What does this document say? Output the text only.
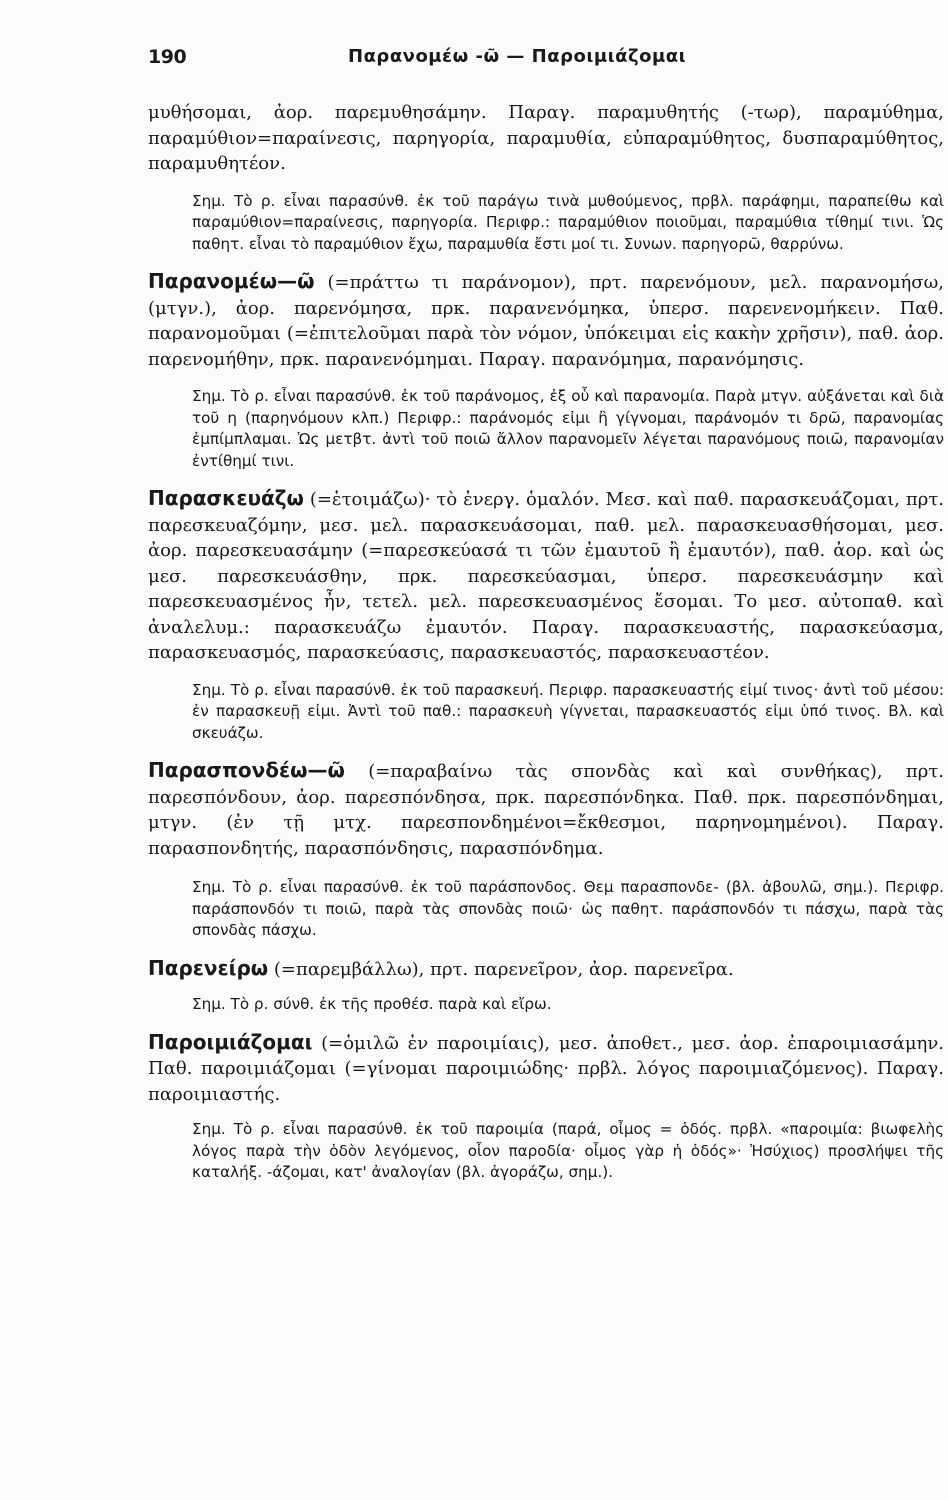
190	Παρανομέω -ῶ — Παροιμιάζομαι

μυθήσομαι, ἀορ. παρεμυθησάμην. Παραγ. παραμυθητής (-τωρ), παραμύθημα, παραμύθιον=παραίνεσις, παρηγορία, παραμυθία, εὐπαραμύθητος, δυσπαραμύθητος, παραμυθητέον.

Σημ. Τὸ ρ. εἶναι παρασύνθ. ἐκ τοῦ παράγω τινὰ μυθούμενος, πρβλ. παράφημι, παραπείθω καὶ παραμύθιον=παραίνεσις, παρηγορία. Περιφρ.: παραμύθιον ποιοῦμαι, παραμύθια τίθημί τινι. Ὡς παθητ. εἶναι τὸ παραμύθιον ἔχω, παραμυθία ἔστι μοί τι. Συνων. παρηγορῶ, θαρρύνω.

Παρανομέω—ῶ (=πράττω τι παράνομον), πρτ. παρενόμουν, μελ. παρανομήσω, (μτγν.), ἀορ. παρενόμησα, πρκ. παρανενόμηκα, ὑπερσ. παρενενομήκειν. Παθ. παρανομοῦμαι (=ἐπιτελοῦμαι παρὰ τὸν νόμον, ὑπόκειμαι εἰς κακὴν χρῆσιν), παθ. ἀορ. παρενομήθην, πρκ. παρανενόμημαι. Παραγ. παρανόμημα, παρανόμησις.

Σημ. Τὸ ρ. εἶναι παρασύνθ. ἐκ τοῦ παράνομος, ἐξ οὗ καὶ παρανομία. Παρὰ μτγν. αὐξάνεται καὶ διὰ τοῦ η (παρηνόμουν κλπ.) Περιφρ.: παράνομός εἰμι ἢ γίγνομαι, παράνομόν τι δρῶ, παρανομίας ἐμπίμπλαμαι. Ὡς μετβτ. ἀντὶ τοῦ ποιῶ ἄλλον παρανομεῖν λέγεται παρανόμους ποιῶ, παρανομίαν ἐντίθημί τινι.

Παρασκευάζω (=ἑτοιμάζω)· τὸ ἐνεργ. ὁμαλόν. Μεσ. καὶ παθ. παρασκευάζομαι, πρτ. παρεσκευαζόμην, μεσ. μελ. παρασκευάσομαι, παθ. μελ. παρασκευασθήσομαι, μεσ. ἀορ. παρεσκευασάμην (=παρεσκεύασά τι τῶν ἐμαυτοῦ ἢ ἐμαυτόν), παθ. ἀορ. καὶ ὡς μεσ. παρεσκευάσθην, πρκ. παρεσκεύασμαι, ὑπερσ. παρεσκευάσμην καὶ παρεσκευασμένος ἦν, τετελ. μελ. παρεσκευασμένος ἔσομαι. Το μεσ. αὐτοπαθ. καὶ ἀναλελυμ.: παρασκευάζω ἐμαυτόν. Παραγ. παρασκευαστής, παρασκεύασμα, παρασκευασμός, παρασκεύασις, παρασκευαστός, παρασκευαστέον.

Σημ. Τὸ ρ. εἶναι παρασύνθ. ἐκ τοῦ παρασκευή. Περιφρ. παρασκευαστής εἰμί τινος· ἀντὶ τοῦ μέσου: ἐν παρασκευῇ εἰμι. Ἀντὶ τοῦ παθ.: παρασκευὴ γίγνεται, παρασκευαστός εἰμι ὑπό τινος. Βλ. καὶ σκευάζω.

Παρασπονδέω—ῶ (=παραβαίνω τὰς σπονδὰς καὶ καὶ συνθήκας), πρτ. παρεσπόνδουν, ἀορ. παρεσπόνδησα, πρκ. παρεσπόνδηκα. Παθ. πρκ. παρεσπόνδημαι, μτγν. (ἐν τῇ μτχ. παρεσπονδημένοι=ἔκθεσμοι, παρηνομημένοι). Παραγ. παρασπονδητής, παρασπόνδησις, παρασπόνδημα.

Σημ. Τὸ ρ. εἶναι παρασύνθ. ἐκ τοῦ παράσπονδος. Θεμ παρασπονδε- (βλ. ἀβουλῶ, σημ.). Περιφρ. παράσπονδόν τι ποιῶ, παρὰ τὰς σπονδὰς ποιῶ· ὡς παθητ. παράσπονδόν τι πάσχω, παρὰ τὰς σπονδὰς πάσχω.

Παρενείρω (=παρεμβάλλω), πρτ. παρενεῖρον, ἀορ. παρενεῖρα.

Σημ. Τὸ ρ. σύνθ. ἐκ τῆς προθέσ. παρὰ καὶ εἴρω.

Παροιμιάζομαι (=ὁμιλῶ ἐν παροιμίαις), μεσ. ἀποθετ., μεσ. ἀορ. ἐπαροιμιασάμην. Παθ. παροιμιάζομαι (=γίνομαι παροιμιώδης· πρβλ. λόγος παροιμιαζόμενος). Παραγ. παροιμιαστής.

Σημ. Τὸ ρ. εἶναι παρασύνθ. ἐκ τοῦ παροιμία (παρά, οἶμος = ὁδός. πρβλ. «παροιμία: βιωφελὴς λόγος παρὰ τὴν ὁδὸν λεγόμενος, οἷον παροδία· οἶμος γὰρ ἡ ὁδός»· Ἡσύχιος) προσλήψει τῆς καταλήξ. -άζομαι, κατ' ἀναλογίαν (βλ. ἀγοράζω, σημ.).
